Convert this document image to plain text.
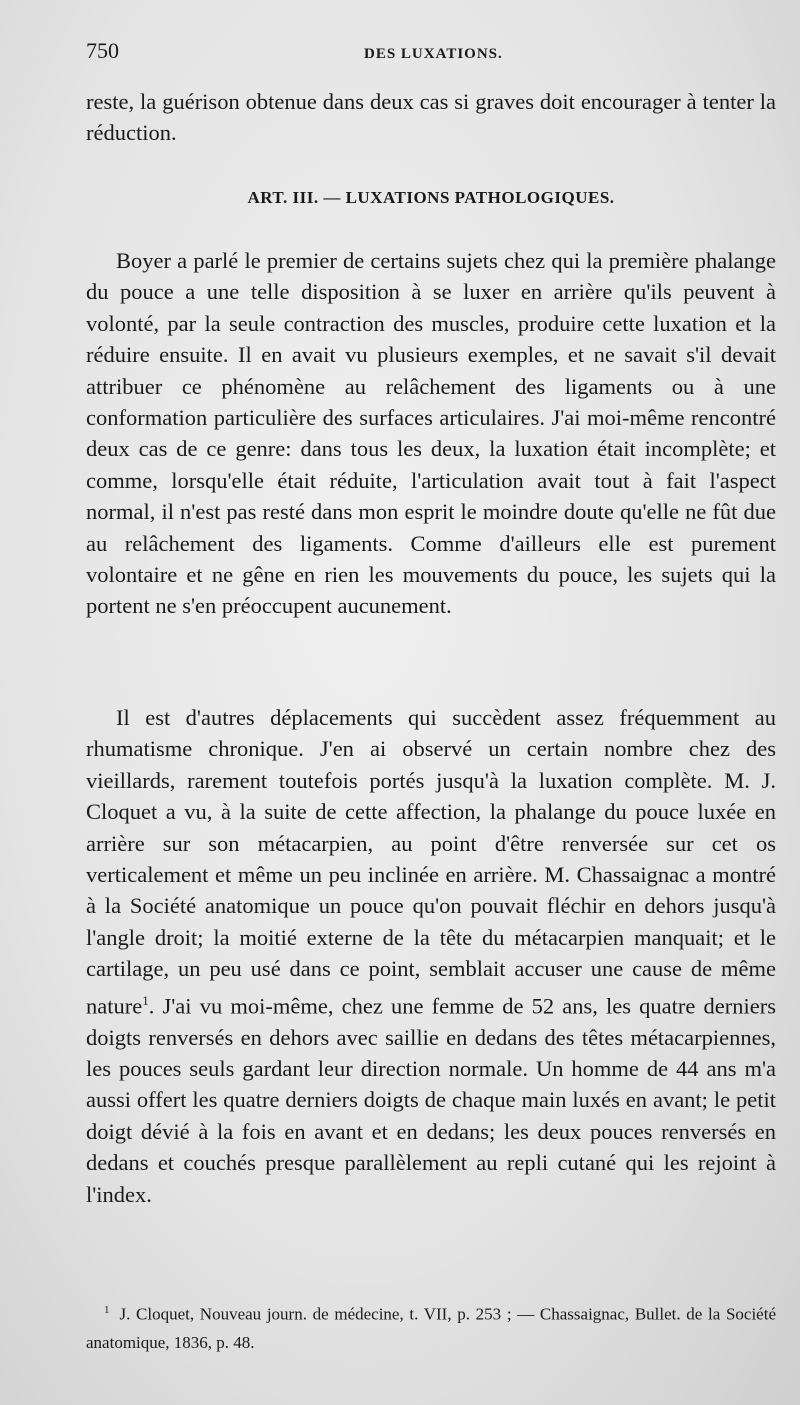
750	DES LUXATIONS.

reste, la guérison obtenue dans deux cas si graves doit encourager à tenter la réduction.

ART. III. — LUXATIONS PATHOLOGIQUES.

Boyer a parlé le premier de certains sujets chez qui la première phalange du pouce a une telle disposition à se luxer en arrière qu'ils peuvent à volonté, par la seule contraction des muscles, produire cette luxation et la réduire ensuite. Il en avait vu plusieurs exemples, et ne savait s'il devait attribuer ce phénomène au relâchement des ligaments ou à une conformation particulière des surfaces articulaires. J'ai moi-même rencontré deux cas de ce genre: dans tous les deux, la luxation était incomplète; et comme, lorsqu'elle était réduite, l'articulation avait tout à fait l'aspect normal, il n'est pas resté dans mon esprit le moindre doute qu'elle ne fût due au relâchement des ligaments. Comme d'ailleurs elle est purement volontaire et ne gêne en rien les mouvements du pouce, les sujets qui la portent ne s'en préoccupent aucunement.

Il est d'autres déplacements qui succèdent assez fréquemment au rhumatisme chronique. J'en ai observé un certain nombre chez des vieillards, rarement toutefois portés jusqu'à la luxation complète. M. J. Cloquet a vu, à la suite de cette affection, la phalange du pouce luxée en arrière sur son métacarpien, au point d'être renversée sur cet os verticalement et même un peu inclinée en arrière. M. Chassaignac a montré à la Société anatomique un pouce qu'on pouvait fléchir en dehors jusqu'à l'angle droit; la moitié externe de la tête du métacarpien manquait; et le cartilage, un peu usé dans ce point, semblait accuser une cause de même nature$^1$. J'ai vu moi-même, chez une femme de 52 ans, les quatre derniers doigts renversés en dehors avec saillie en dedans des têtes métacarpiennes, les pouces seuls gardant leur direction normale. Un homme de 44 ans m'a aussi offert les quatre derniers doigts de chaque main luxés en avant; le petit doigt dévié à la fois en avant et en dedans; les deux pouces renversés en dedans et couchés presque parallèlement au repli cutané qui les rejoint à l'index.

$^1$ J. Cloquet, Nouveau journ. de médecine, t. VII, p. 253 ; — Chassaignac, Bullet. de la Société anatomique, 1836, p. 48.
